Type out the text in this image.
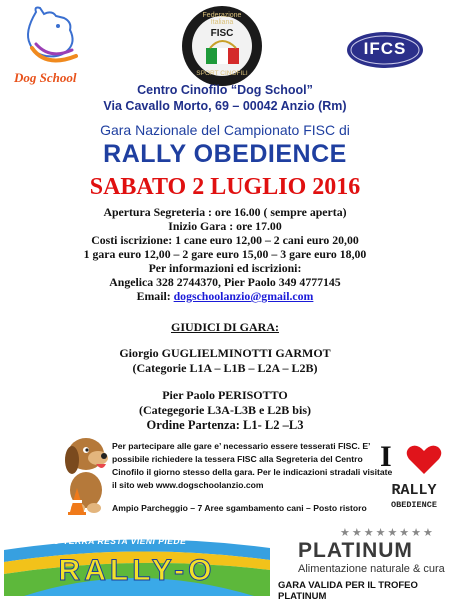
Dog School
Federazione Italiana
FISC
SPORT CINOFILI
IFCS
Centro Cinofilo “Dog School”
Via Cavallo Morto, 69 – 00042 Anzio (Rm)
Gara Nazionale del Campionato FISC di
RALLY OBEDIENCE
SABATO 2 LUGLIO 2016
Apertura Segreteria : ore 16.00 ( sempre aperta)
Inizio Gara : ore 17.00
Costi iscrizione: 1 cane euro 12,00 – 2 cani euro 20,00
1 gara euro 12,00 – 2 gare euro 15,00 – 3 gare euro 18,00
Per informazioni ed iscrizioni:
Angelica 328 2744370, Pier Paolo 349 4777145
Email: dogschoolanzio@gmail.com
GIUDICI DI GARA:
Giorgio GUGLIELMINOTTI GARMOT
(Categorie L1A – L1B – L2A – L2B)
Pier Paolo PERISOTTO
(Categegorie L3A-L3B e L2B bis)
Ordine Partenza: L1- L2 –L3
Per partecipare alle gare e’ necessario essere tesserati FISC. E’ possibile richiedere la tessera FISC alla Segreteria del Centro Cinofilo il giorno stesso della gara. Per le indicazioni stradali visitate il sito web www.dogschoolanzio.com
Ampio Parcheggio – 7 Aree sgambamento cani – Posto ristoro
I
RALLY
OBEDIENCE
SEDUTO TERRA RESTA VIENI PIEDE
RALLY-O
★★★★★★★★
PLATINUM
Alimentazione naturale & cura
GARA VALIDA PER IL TROFEO PLATINUM
